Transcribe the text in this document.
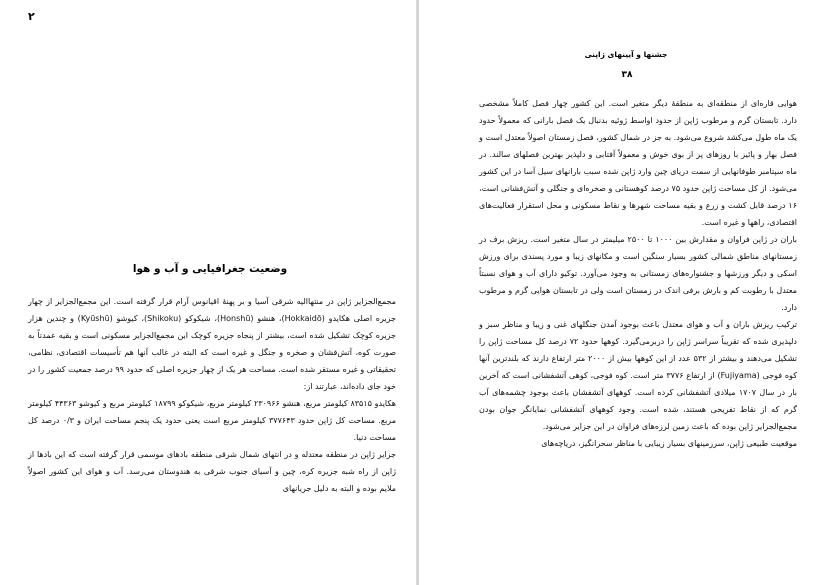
۲
وضعیت جغرافیایی و آب و هوا

مجمع‌الجزایر ژاپن در منتهاالیه شرقی آسیا و بر پهنهٔ اقیانوس آرام قرار گرفته است. این مجمع‌الجزایر از چهار جزیره اصلی هکایدو (Hokkaidō)، هنشو (Honshū)، شیکوکو (Shikoku)، کیوشو (Kyūshū) و چندین هزار جزیره کوچک تشکیل شده است، بیشتر از پنجاه جزیره کوچک این مجمع‌الجزایر مسکونی است و بقیه عمدتاً به صورت کوه، آتش‌فشان و صخره و جنگل و غیره است که البته در غالب آنها هم تأسیسات اقتصادی، نظامی، تحقیقاتی و غیره مستقر شده است. مساحت هر یک از چهار جزیره اصلی که حدود ۹۹ درصد جمعیت کشور را در خود جای داده‌اند، عبارتند از:

هکایدو ۸۳۵۱۵ کیلومتر مربع، هنشو ۲۳۰۹۶۶ کیلومتر مربع، شیکوکو ۱۸۷۹۹ کیلومتر مربع و کیوشو ۴۴۳۶۳ کیلومتر مربع. مساحت کل ژاپن حدود ۳۷۷۶۴۳ کیلومتر مربع است یعنی حدود یک پنجم مساحت ایران و ۰/۳ درصد کل مساحت دنیا.

جزایر ژاپن در منطقه معتدله و در انتهای شمال شرقی منطقه بادهای موسمی قرار گرفته است که این بادها از ژاپن از راه شبه جزیره کره، چین و آسیای جنوب شرقی به هندوستان می‌رسد. آب و هوای این کشور اصولاً ملایم بوده و البته به دلیل جریانهای

جشنها و آیینهای ژاپنی
۳۸

هوایی قاره‌ای از منطقه‌ای به منطقهٔ دیگر متغیر است. این کشور چهار فصل کاملاً مشخصی دارد. تابستان گرم و مرطوب ژاپن از حدود اواسط ژوئیه بدنبال یک فصل بارانی که معمولاً حدود یک ماه طول می‌کشد شروع می‌شود. به جز در شمال کشور، فصل زمستان اصولاً معتدل است و فصل بهار و پائیز با روزهای پر از بوی خوش و معمولاً آفتابی و دلپذیر بهترین فصلهای سالند. در ماه سپتامبر طوفانهایی از سمت دریای چین وارد ژاپن شده سبب بارانهای سیل آسا در این کشور می‌شود. از کل مساحت ژاپن حدود ۷۵ درصد کوهستانی و صخره‌ای و جنگلی و آتش‌فشانی است، ۱۶ درصد قابل کشت و زرع و بقیه مساحت شهرها و نقاط مسکونی و محل استقرار فعالیت‌های اقتصادی، راهها و غیره است.

باران در ژاپن فراوان و مقدارش بین ۱۰۰۰ تا ۲۵۰۰ میلیمتر در سال متغیر است. ریزش برف در زمستانهای مناطق شمالی کشور بسیار سنگین است و مکانهای زیبا و مورد پسندی برای ورزش اسکی و دیگر ورزشها و جشنواره‌های زمستانی به وجود می‌آورد. توکیو دارای آب و هوای نسبتاً معتدل با رطوبت کم و بارش برفی اندک در زمستان است ولی در تابستان هوایی گرم و مرطوب دارد.

ترکیب ریزش باران و آب و هوای معتدل باعث بوجود آمدن جنگلهای غنی و زیبا و مناظر سبز و دلپذیری شده که تقریباً سراسر ژاپن را دربرمی‌گیرد. کوهها حدود ۷۲ درصد کل مساحت ژاپن را تشکیل می‌دهند و بیشتر از ۵۳۲ عدد از این کوهها بیش از ۲۰۰۰ متر ارتفاع دارند که بلندترین آنها کوه فوجی (Fujiyama) از ارتفاع ۳۷۷۶ متر است. کوه فوجی، کوهی آتشفشانی است که آخرین بار در سال ۱۷۰۷ میلادی آتشفشانی کرده است. کوههای آتشفشان باعث بوجود چشمه‌های آب گرم که از نقاط تفریحی هستند، شده است. وجود کوههای آتشفشانی نمایانگر جوان بودن مجمع‌الجزایر ژاپن بوده که باعث زمین لرزه‌های فراوان در این جزایر می‌شود.

موقعیت طبیعی ژاپن، سرزمینهای بسیار زیبایی با مناظر سحرانگیز، دریاچه‌های
